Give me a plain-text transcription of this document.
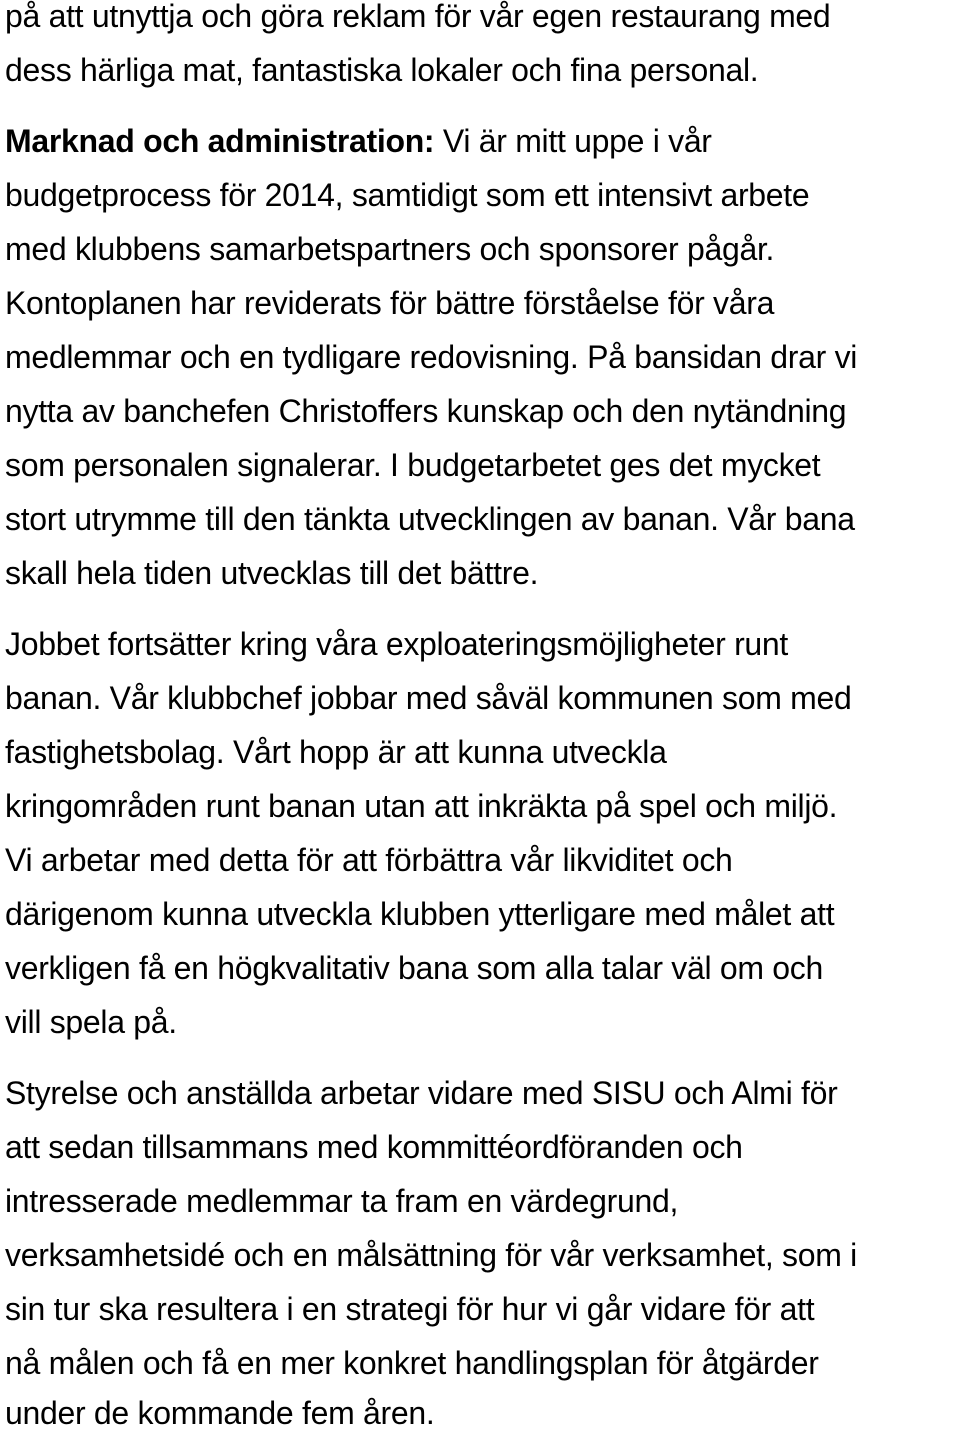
på att utnyttja och göra reklam för vår egen restaurang med
dess härliga mat, fantastiska lokaler och fina personal.
Marknad och administration: Vi är mitt uppe i vår
budgetprocess för 2014, samtidigt som ett intensivt arbete
med klubbens samarbetspartners och sponsorer pågår.
Kontoplanen har reviderats för bättre förståelse för våra
medlemmar och en tydligare redovisning. På bansidan drar vi
nytta av banchefen Christoffers kunskap och den nytändning
som personalen signalerar. I budgetarbetet ges det mycket
stort utrymme till den tänkta utvecklingen av banan. Vår bana
skall hela tiden utvecklas till det bättre.
Jobbet fortsätter kring våra exploateringsmöjligheter runt
banan. Vår klubbchef jobbar med såväl kommunen som med
fastighetsbolag. Vårt hopp är att kunna utveckla
kringområden runt banan utan att inkräkta på spel och miljö.
Vi arbetar med detta för att förbättra vår likviditet och
därigenom kunna utveckla klubben ytterligare med målet att
verkligen få en högkvalitativ bana som alla talar väl om och
vill spela på.
Styrelse och anställda arbetar vidare med SISU och Almi för
att sedan tillsammans med kommittéordföranden och
intresserade medlemmar ta fram en värdegrund,
verksamhetsidé och en målsättning för vår verksamhet, som i
sin tur ska resultera i en strategi för hur vi går vidare för att
nå målen och få en mer konkret handlingsplan för åtgärder
under de kommande fem åren.
